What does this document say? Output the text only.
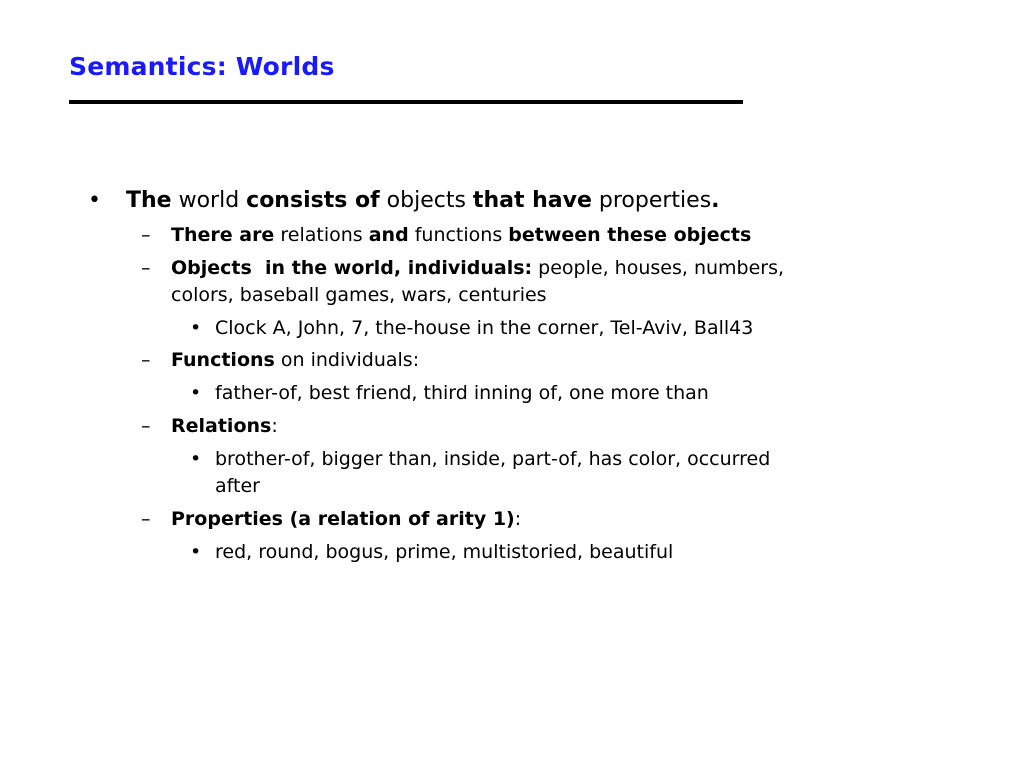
Semantics: Worlds
• The world consists of objects that have properties.
– There are relations and functions between these objects
– Objects  in the world, individuals: people, houses, numbers,
colors, baseball games, wars, centuries
• Clock A, John, 7, the-house in the corner, Tel-Aviv, Ball43
– Functions on individuals:
• father-of, best friend, third inning of, one more than
– Relations:
• brother-of, bigger than, inside, part-of, has color, occurred
after
– Properties (a relation of arity 1):
• red, round, bogus, prime, multistoried, beautiful
